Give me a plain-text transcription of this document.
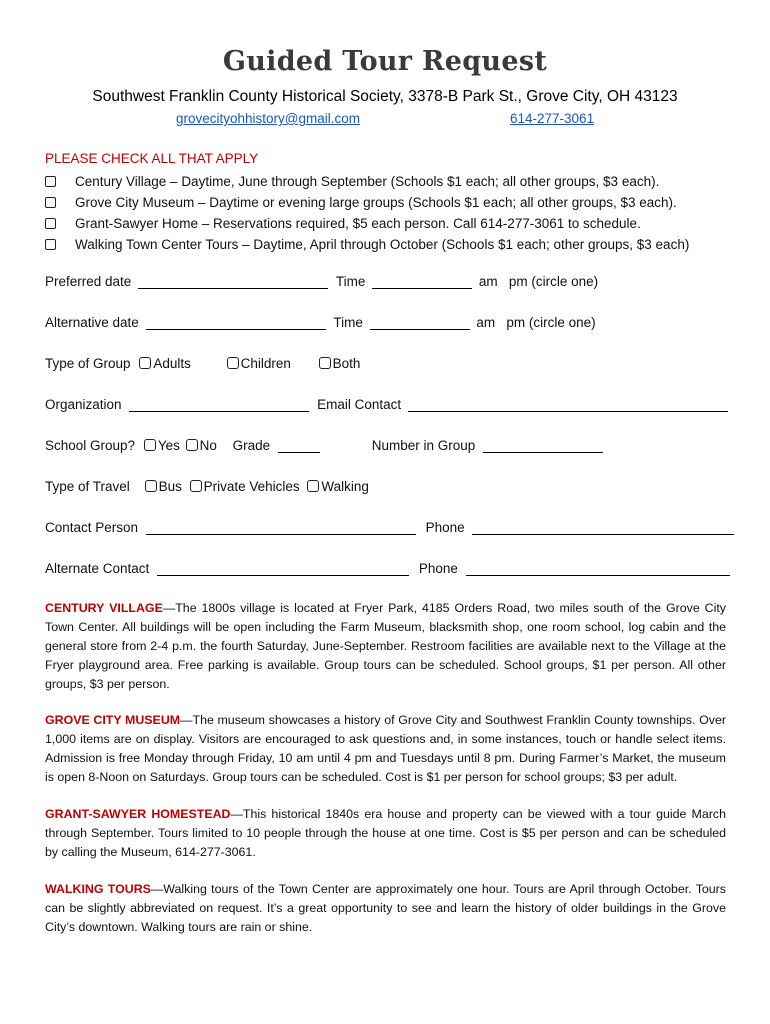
Guided Tour Request
Southwest Franklin County Historical Society, 3378-B Park St., Grove City, OH 43123
grovecityohhistory@gmail.com	614-277-3061
PLEASE CHECK ALL THAT APPLY
Century Village – Daytime, June through September (Schools $1 each; all other groups, $3 each).
Grove City Museum – Daytime or evening large groups (Schools $1 each; all other groups, $3 each).
Grant-Sawyer Home – Reservations required, $5 each person. Call 614-277-3061 to schedule.
Walking Town Center Tours – Daytime, April through October (Schools $1 each; other groups, $3 each)
Preferred date	Time	am   pm (circle one)
Alternative date	Time	am   pm (circle one)
Type of Group Adults	Children	Both
Organization	Email Contact
School Group? Yes No Grade	Number in Group
Type of Travel Bus Private Vehicles Walking
Contact Person	Phone
Alternate Contact	Phone

CENTURY VILLAGE—The 1800s village is located at Fryer Park, 4185 Orders Road, two miles south of the Grove City Town Center. All buildings will be open including the Farm Museum, blacksmith shop, one room school, log cabin and the general store from 2-4 p.m. the fourth Saturday, June-September. Restroom facilities are available next to the Village at the Fryer playground area. Free parking is available. Group tours can be scheduled. School groups, $1 per person. All other groups, $3 per person.

GROVE CITY MUSEUM—The museum showcases a history of Grove City and Southwest Franklin County townships. Over 1,000 items are on display. Visitors are encouraged to ask questions and, in some instances, touch or handle select items. Admission is free Monday through Friday, 10 am until 4 pm and Tuesdays until 8 pm. During Farmer’s Market, the museum is open 8-Noon on Saturdays. Group tours can be scheduled. Cost is $1 per person for school groups; $3 per adult.

GRANT-SAWYER HOMESTEAD—This historical 1840s era house and property can be viewed with a tour guide March through September. Tours limited to 10 people through the house at one time. Cost is $5 per person and can be scheduled by calling the Museum, 614-277-3061.

WALKING TOURS—Walking tours of the Town Center are approximately one hour. Tours are April through October. Tours can be slightly abbreviated on request. It’s a great opportunity to see and learn the history of older buildings in the Grove City’s downtown. Walking tours are rain or shine.
